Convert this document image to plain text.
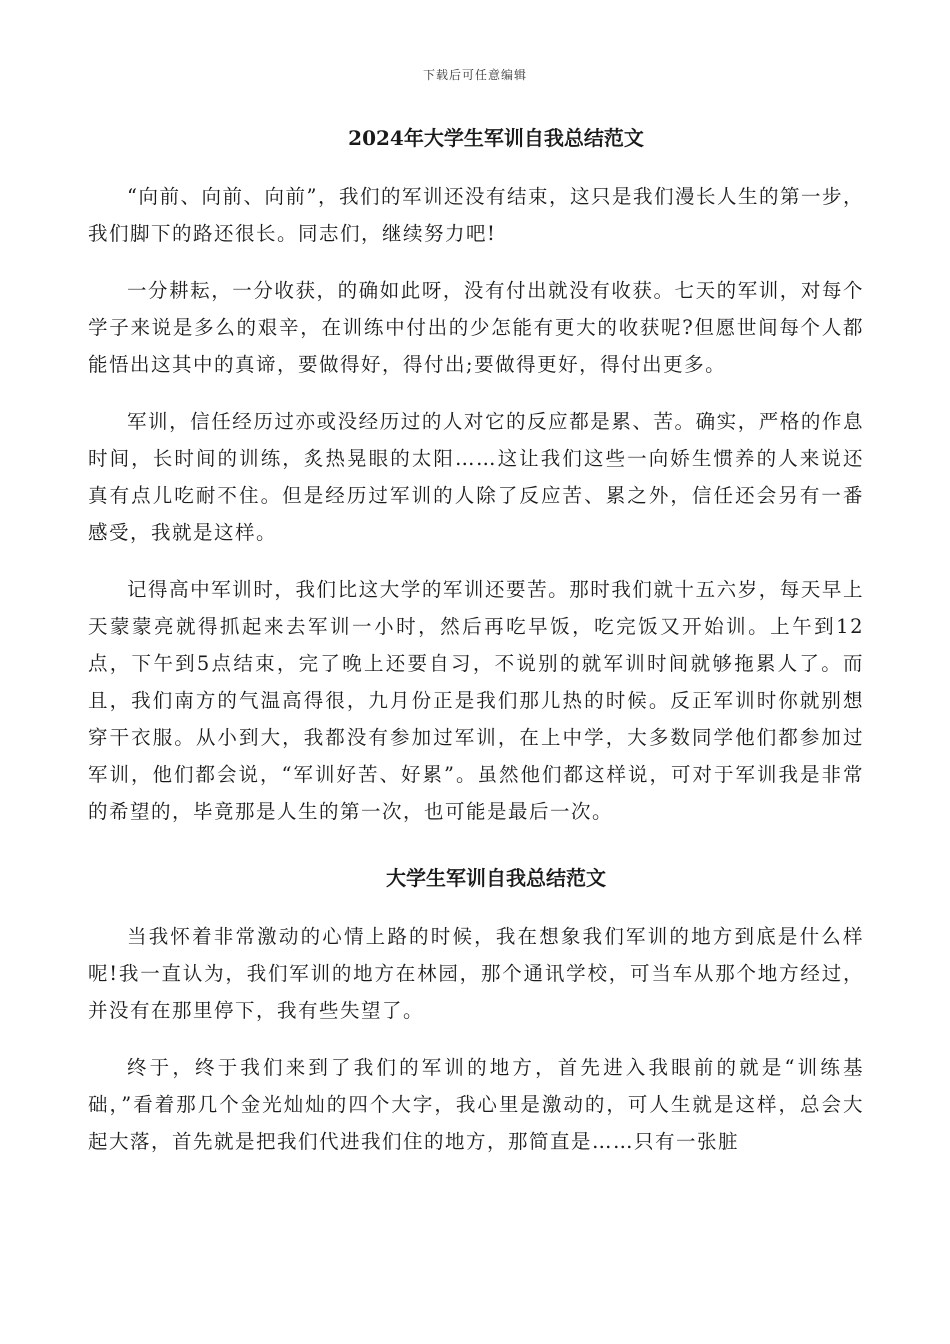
下载后可任意编辑
2024年大学生军训自我总结范文

“向前、向前、向前”，我们的军训还没有结束，这只是我们漫长人生的第一步，我们脚下的路还很长。同志们，继续努力吧!

一分耕耘，一分收获，的确如此呀，没有付出就没有收获。七天的军训，对每个学子来说是多么的艰辛，在训练中付出的少怎能有更大的收获呢?但愿世间每个人都能悟出这其中的真谛，要做得好，得付出;要做得更好，得付出更多。

军训，信任经历过亦或没经历过的人对它的反应都是累、苦。确实，严格的作息时间，长时间的训练，炙热晃眼的太阳……这让我们这些一向娇生惯养的人来说还真有点儿吃耐不住。但是经历过军训的人除了反应苦、累之外，信任还会另有一番感受，我就是这样。

记得高中军训时，我们比这大学的军训还要苦。那时我们就十五六岁，每天早上天蒙蒙亮就得抓起来去军训一小时，然后再吃早饭，吃完饭又开始训。上午到12点，下午到5点结束，完了晚上还要自习，不说别的就军训时间就够拖累人了。而且，我们南方的气温高得很，九月份正是我们那儿热的时候。反正军训时你就别想穿干衣服。从小到大，我都没有参加过军训，在上中学，大多数同学他们都参加过军训，他们都会说，“军训好苦、好累”。虽然他们都这样说，可对于军训我是非常的希望的，毕竟那是人生的第一次，也可能是最后一次。

大学生军训自我总结范文

当我怀着非常激动的心情上路的时候，我在想象我们军训的地方到底是什么样呢!我一直认为，我们军训的地方在林园，那个通讯学校，可当车从那个地方经过，并没有在那里停下，我有些失望了。

终于，终于我们来到了我们的军训的地方，首先进入我眼前的就是“训练基础，”看着那几个金光灿灿的四个大字，我心里是激动的，可人生就是这样，总会大起大落，首先就是把我们代进我们住的地方，那简直是……只有一张脏
